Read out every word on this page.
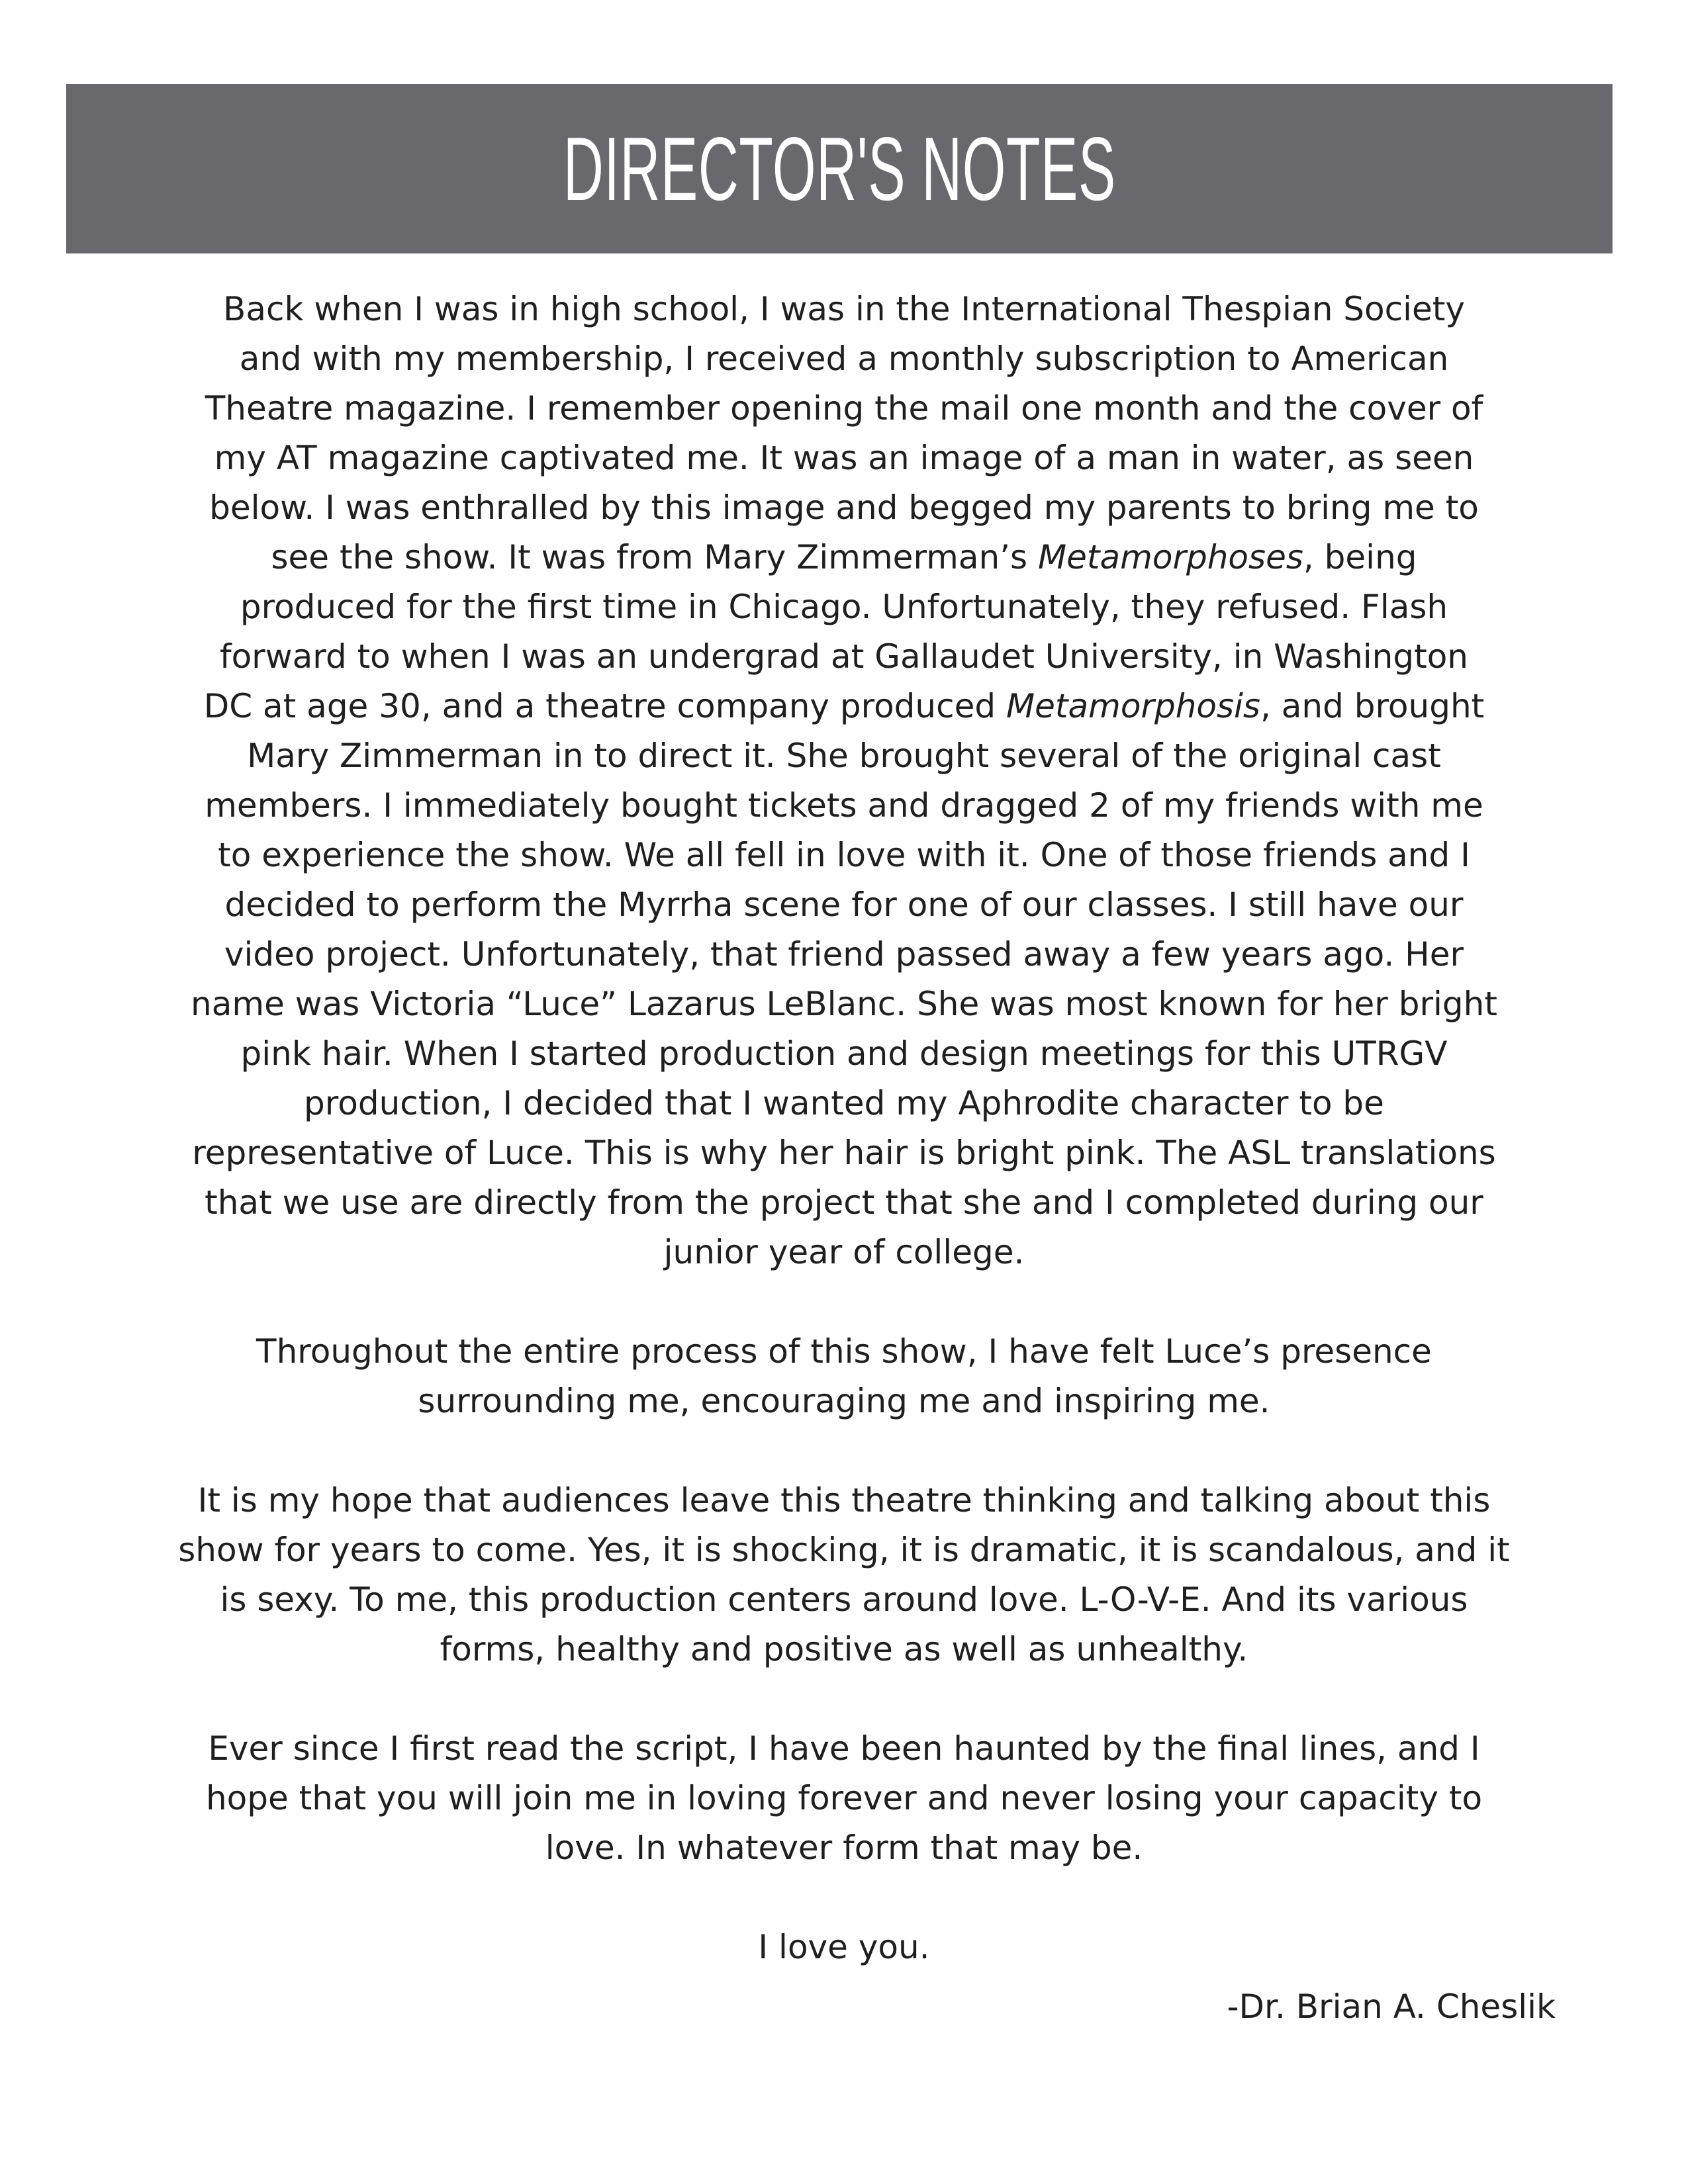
DIRECTOR'S NOTES
Back when I was in high school, I was in the International Thespian Society
and with my membership, I received a monthly subscription to American
Theatre magazine. I remember opening the mail one month and the cover of
my AT magazine captivated me. It was an image of a man in water, as seen
below. I was enthralled by this image and begged my parents to bring me to
see the show. It was from Mary Zimmerman’s Metamorphoses, being
produced for the first time in Chicago. Unfortunately, they refused. Flash
forward to when I was an undergrad at Gallaudet University, in Washington
DC at age 30, and a theatre company produced Metamorphosis, and brought
Mary Zimmerman in to direct it. She brought several of the original cast
members. I immediately bought tickets and dragged 2 of my friends with me
to experience the show. We all fell in love with it. One of those friends and I
decided to perform the Myrrha scene for one of our classes. I still have our
video project. Unfortunately, that friend passed away a few years ago. Her
name was Victoria “Luce” Lazarus LeBlanc. She was most known for her bright
pink hair. When I started production and design meetings for this UTRGV
production, I decided that I wanted my Aphrodite character to be
representative of Luce. This is why her hair is bright pink. The ASL translations
that we use are directly from the project that she and I completed during our
junior year of college.
Throughout the entire process of this show, I have felt Luce’s presence
surrounding me, encouraging me and inspiring me.
It is my hope that audiences leave this theatre thinking and talking about this
show for years to come. Yes, it is shocking, it is dramatic, it is scandalous, and it
is sexy. To me, this production centers around love. L-O-V-E. And its various
forms, healthy and positive as well as unhealthy.
Ever since I first read the script, I have been haunted by the final lines, and I
hope that you will join me in loving forever and never losing your capacity to
love. In whatever form that may be.
I love you.
-Dr. Brian A. Cheslik
